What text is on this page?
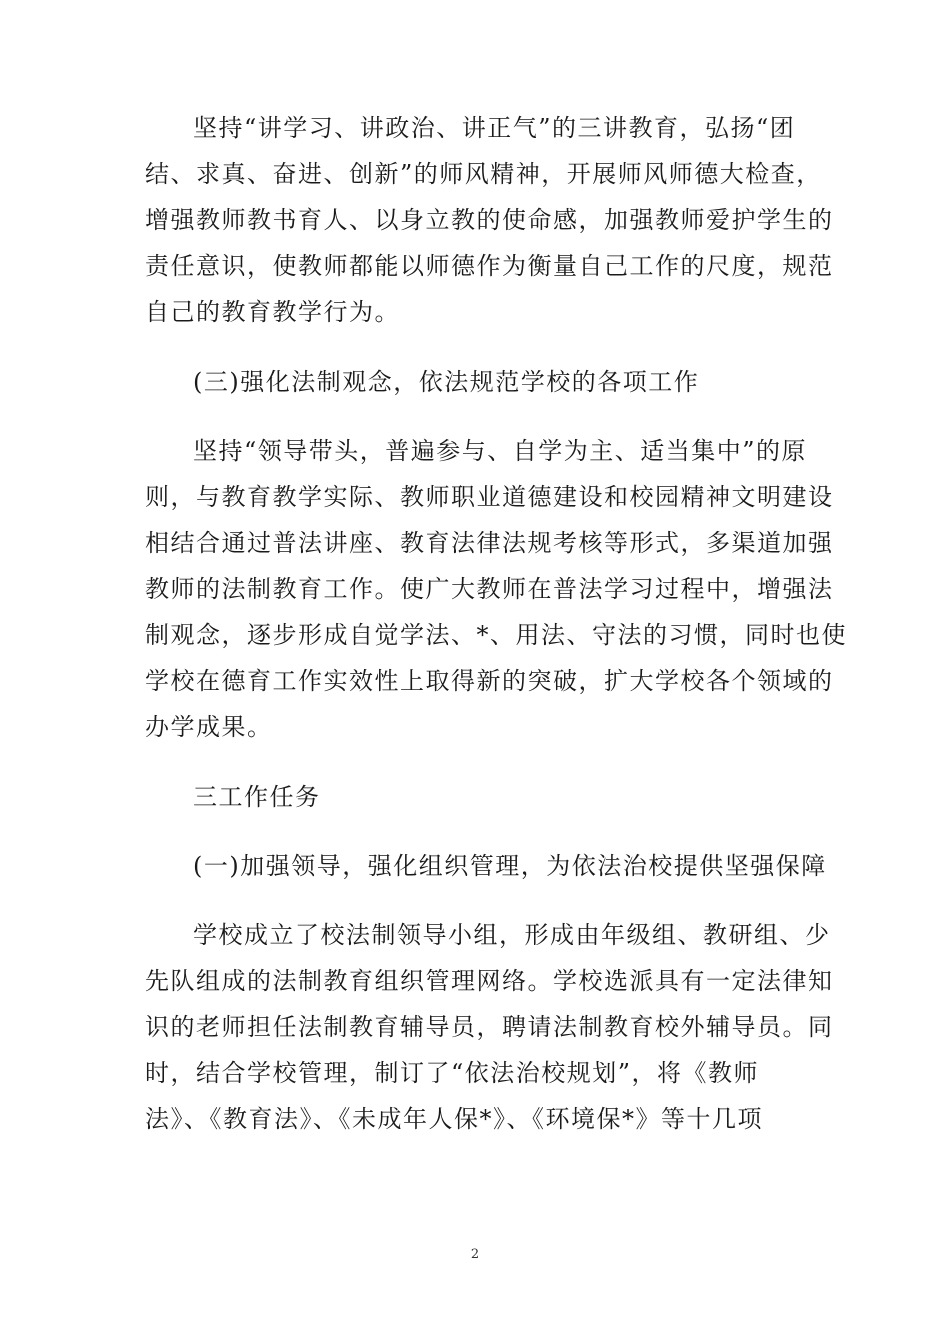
坚持“讲学习、讲政治、讲正气”的三讲教育，弘扬“团
结、求真、奋进、创新”的师风精神，开展师风师德大检查，
增强教师教书育人、以身立教的使命感，加强教师爱护学生的
责任意识，使教师都能以师德作为衡量自己工作的尺度，规范
自己的教育教学行为。
(三)强化法制观念，依法规范学校的各项工作
坚持“领导带头，普遍参与、自学为主、适当集中”的原
则，与教育教学实际、教师职业道德建设和校园精神文明建设
相结合通过普法讲座、教育法律法规考核等形式，多渠道加强
教师的法制教育工作。使广大教师在普法学习过程中，增强法
制观念，逐步形成自觉学法、*、用法、守法的习惯，同时也使
学校在德育工作实效性上取得新的突破，扩大学校各个领域的
办学成果。
三工作任务
(一)加强领导，强化组织管理，为依法治校提供坚强保障
学校成立了校法制领导小组，形成由年级组、教研组、少
先队组成的法制教育组织管理网络。学校选派具有一定法律知
识的老师担任法制教育辅导员，聘请法制教育校外辅导员。同
时，结合学校管理，制订了“依法治校规划”，将《教师
法》、《教育法》、《未成年人保*》、《环境保*》等十几项
2
